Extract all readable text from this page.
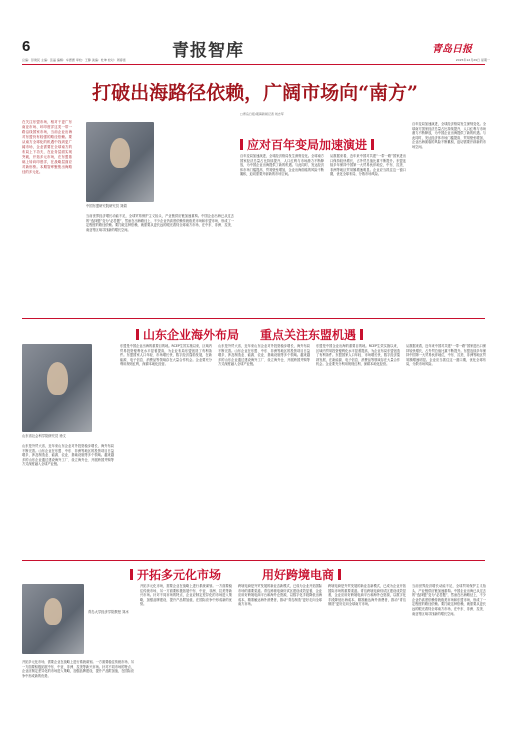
6
总编：彭建民 主编：张晶 编辑：车德惠 审校：王静 美编：杜坤 校对：周春雷	青报智库	青岛日报
2025年12月29日 星期一
打破出海路径依赖，广阔市场向“南方”
□青岛日报/观海新闻记者 刘志军
在关注东盟市场，相对于更广东南亚市场、环印度洋这类一带一路沿线国家市场，当前企业出海对东盟仍有较强的路径依赖。要从南方全球化的机遇中找到更广阔市场，企业需要在全球南方的布局上下功夫，在业务层面实现突破，开拓多元市场，在东盟基础上转向印度洋，在战略层面应对新形势。本期智库聚焦出海路径的多元化。
中国东盟研究院研究员 刘娟
当前世界经济增长动能不足，全球贸易保护主义抬头，产业链供应链加速重构。中国企业出海已从过去的“选择题”变为“必答题”，然而在出海路径上，不少企业仍高度依赖传统欧美市场和东盟市场，形成了一定程度的路径依赖。要打破这种依赖，就需要从更长远的眼光看待全球南方市场，在中东、非洲、拉美、南亚等区域寻找新的增长空间。
应对百年变局加速演进
百年变局加速演进，全球经济格局发生深刻变化。全球南方国家经济总量占比持续提升，人口红利与市场潜力不断释放，为中国企业出海提供了新的机遇。与此同时，发达经济体市场门槛提高、贸易壁垒增加，企业出海面临的风险不断累积，迫切需要开辟新的市场空间。
从数据来看，近年来中国对共建“一带一路”国家进出口保持较快增长，占外贸总值比重不断提升。东盟连续多年保持中国第一大贸易伙伴地位，中东、拉美、非洲等地区贸易额增速明显。企业应当抓住这一窗口期，优化全球布局，分散市场风险。
百年变局加速演进，全球经济格局发生深刻变化。全球南方国家经济总量占比持续提升，人口红利与市场潜力不断释放，为中国企业出海提供了新的机遇。与此同时，发达经济体市场门槛提高、贸易壁垒增加，企业出海面临的风险不断累积，迫切需要开辟新的市场空间。
山东企业海外布局 重点关注东盟机遇
山东省社会科学院研究员 徐文
山东是外贸大省，近年来山东企业对外投资稳步增长，海外布局不断完善。山东企业在东盟、中东、非洲等地区的投资项目日益增多，涉及制造业、能源、农业、基础设施等多个领域。越来越多的山东企业通过建设海外工厂、设立海外仓、开展跨国并购等方式深度融入全球产业链。
东盟是中国企业出海的重要目的地。RCEP生效实施以来，区域内贸易投资便利化水平显著提高，为企业布局东盟创造了有利条件。东盟国家人口年轻、市场增长快，数字经济蓬勃发展，在新能源、电子信息、消费品等领域存在大量合作机会。企业要充分利用规则红利，深耕本地化经营。
山东是外贸大省，近年来山东企业对外投资稳步增长，海外布局不断完善。山东企业在东盟、中东、非洲等地区的投资项目日益增多，涉及制造业、能源、农业、基础设施等多个领域。越来越多的山东企业通过建设海外工厂、设立海外仓、开展跨国并购等方式深度融入全球产业链。
东盟是中国企业出海的重要目的地。RCEP生效实施以来，区域内贸易投资便利化水平显著提高，为企业布局东盟创造了有利条件。东盟国家人口年轻、市场增长快，数字经济蓬勃发展，在新能源、电子信息、消费品等领域存在大量合作机会。企业要充分利用规则红利，深耕本地化经营。
从数据来看，近年来中国对共建“一带一路”国家进出口保持较快增长，占外贸总值比重不断提升。东盟连续多年保持中国第一大贸易伙伴地位，中东、拉美、非洲等地区贸易额增速明显。企业应当抓住这一窗口期，优化全球布局，分散市场风险。
开拓多元化市场	用好跨境电商
青岛大学经济学院教授 刘冰
开拓多元化市场，需要企业在战略上进行系统谋划。一方面要稳住传统市场，另一方面要积极拓展中东、中亚、非洲、拉美等新兴市场。针对不同市场的特点，企业应制定差异化的市场进入策略，加强品牌建设，提升产品附加值，在国际竞争中形成新的优势。
开拓多元化市场，需要企业在战略上进行系统谋划。一方面要稳住传统市场，另一方面要积极拓展中东、中亚、非洲、拉美等新兴市场。针对不同市场的特点，企业应制定差异化的市场进入策略，加强品牌建设，提升产品附加值，在国际竞争中形成新的优势。
跨境电商是外贸发展的新业态新模式，已成为企业开拓国际市场的重要渠道。青岛跨境电商综试区建设成效显著，企业应用好跨境电商平台和海外仓资源，以数字化手段降低出海成本，精准触达海外消费者，推动“青岛制造”更好走向全球南方市场。
跨境电商是外贸发展的新业态新模式，已成为企业开拓国际市场的重要渠道。青岛跨境电商综试区建设成效显著，企业应用好跨境电商平台和海外仓资源，以数字化手段降低出海成本，精准触达海外消费者，推动“青岛制造”更好走向全球南方市场。
当前世界经济增长动能不足，全球贸易保护主义抬头，产业链供应链加速重构。中国企业出海已从过去的“选择题”变为“必答题”，然而在出海路径上，不少企业仍高度依赖传统欧美市场和东盟市场，形成了一定程度的路径依赖。要打破这种依赖，就需要从更长远的眼光看待全球南方市场，在中东、非洲、拉美、南亚等区域寻找新的增长空间。
